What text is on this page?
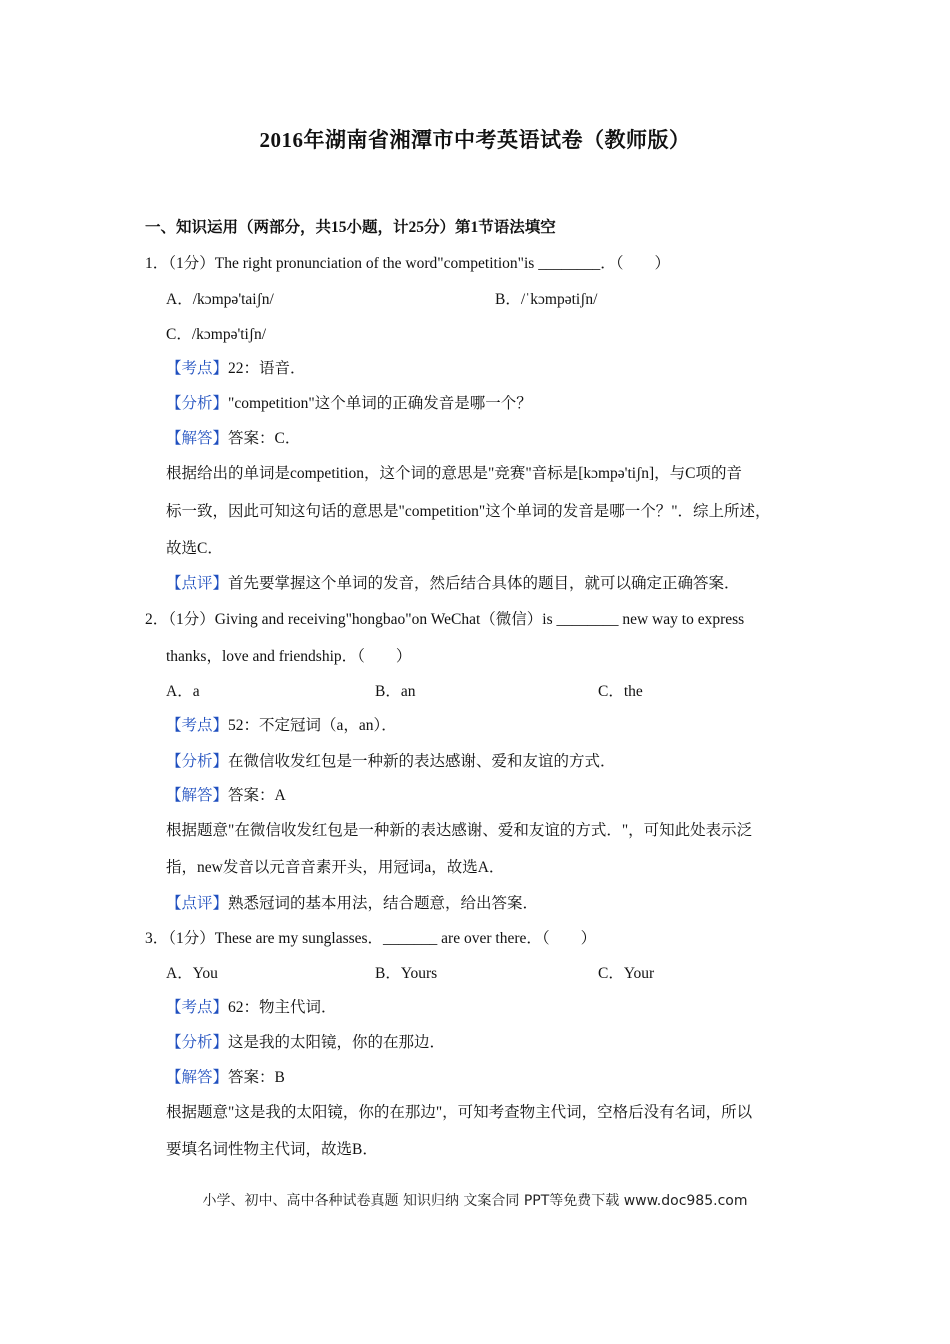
2016年湖南省湘潭市中考英语试卷（教师版）
一、知识运用（两部分，共15小题，计25分）第1节语法填空
1．（1分）The right pronunciation of the word"competition"is ________．（　　）
A．/kɔmpə'taiʃn/	B．/ˈkɔmpətiʃn/
C．/kɔmpə'tiʃn/
【考点】22：语音．
【分析】"competition"这个单词的正确发音是哪一个？
【解答】答案：C．
根据给出的单词是competition，这个词的意思是"竞赛"音标是[kɔmpə'tiʃn]，与C项的音
标一致，因此可知这句话的意思是"competition"这个单词的发音是哪一个？"．综上所述，
故选C．
【点评】首先要掌握这个单词的发音，然后结合具体的题目，就可以确定正确答案．
2．（1分）Giving and receiving"hongbao"on WeChat（微信）is ________ new way to express
thanks，love and friendship．（　　）
A．a	B．an	C．the
【考点】52：不定冠词（a，an）．
【分析】在微信收发红包是一种新的表达感谢、爱和友谊的方式．
【解答】答案：A
根据题意"在微信收发红包是一种新的表达感谢、爱和友谊的方式．"，可知此处表示泛
指，new发音以元音音素开头，用冠词a，故选A．
【点评】熟悉冠词的基本用法，结合题意，给出答案．
3．（1分）These are my sunglasses．_______ are over there．（　　）
A．You	B．Yours	C．Your
【考点】62：物主代词．
【分析】这是我的太阳镜，你的在那边．
【解答】答案：B
根据题意"这是我的太阳镜，你的在那边"，可知考查物主代词，空格后没有名词，所以
要填名词性物主代词，故选B．
小学、初中、高中各种试卷真题 知识归纳 文案合同 PPT等免费下载 www.doc985.com
